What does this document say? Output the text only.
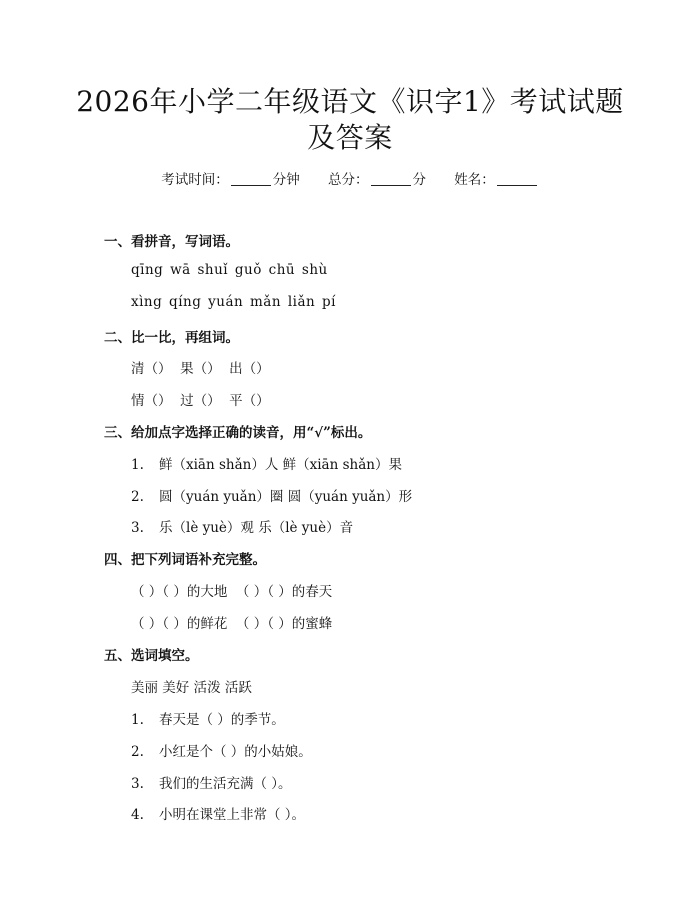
2026年小学二年级语文《识字1》考试试题
及答案
考试时间：	分钟 总分：	分 姓名：
一、看拼音，写词语。
qīng wā shuǐ guǒ chū shù
xìng qíng yuán mǎn liǎn pí
二、比一比，再组词。
清（）  果（）  出（）
情（）  过（）  平（）
三、给加点字选择正确的读音，用“√”标出。
1. 鲜（xiān shǎn）人 鲜（xiān shǎn）果
2. 圆（yuán yuǎn）圈 圆（yuán yuǎn）形
3. 乐（lè yuè）观 乐（lè yuè）音
四、把下列词语补充完整。
（ ）（ ）的大地  （ ）（ ）的春天
（ ）（ ）的鲜花  （ ）（ ）的蜜蜂
五、选词填空。
美丽 美好 活泼 活跃
1. 春天是（ ）的季节。
2. 小红是个（ ）的小姑娘。
3. 我们的生活充满（ ）。
4. 小明在课堂上非常（ ）。
